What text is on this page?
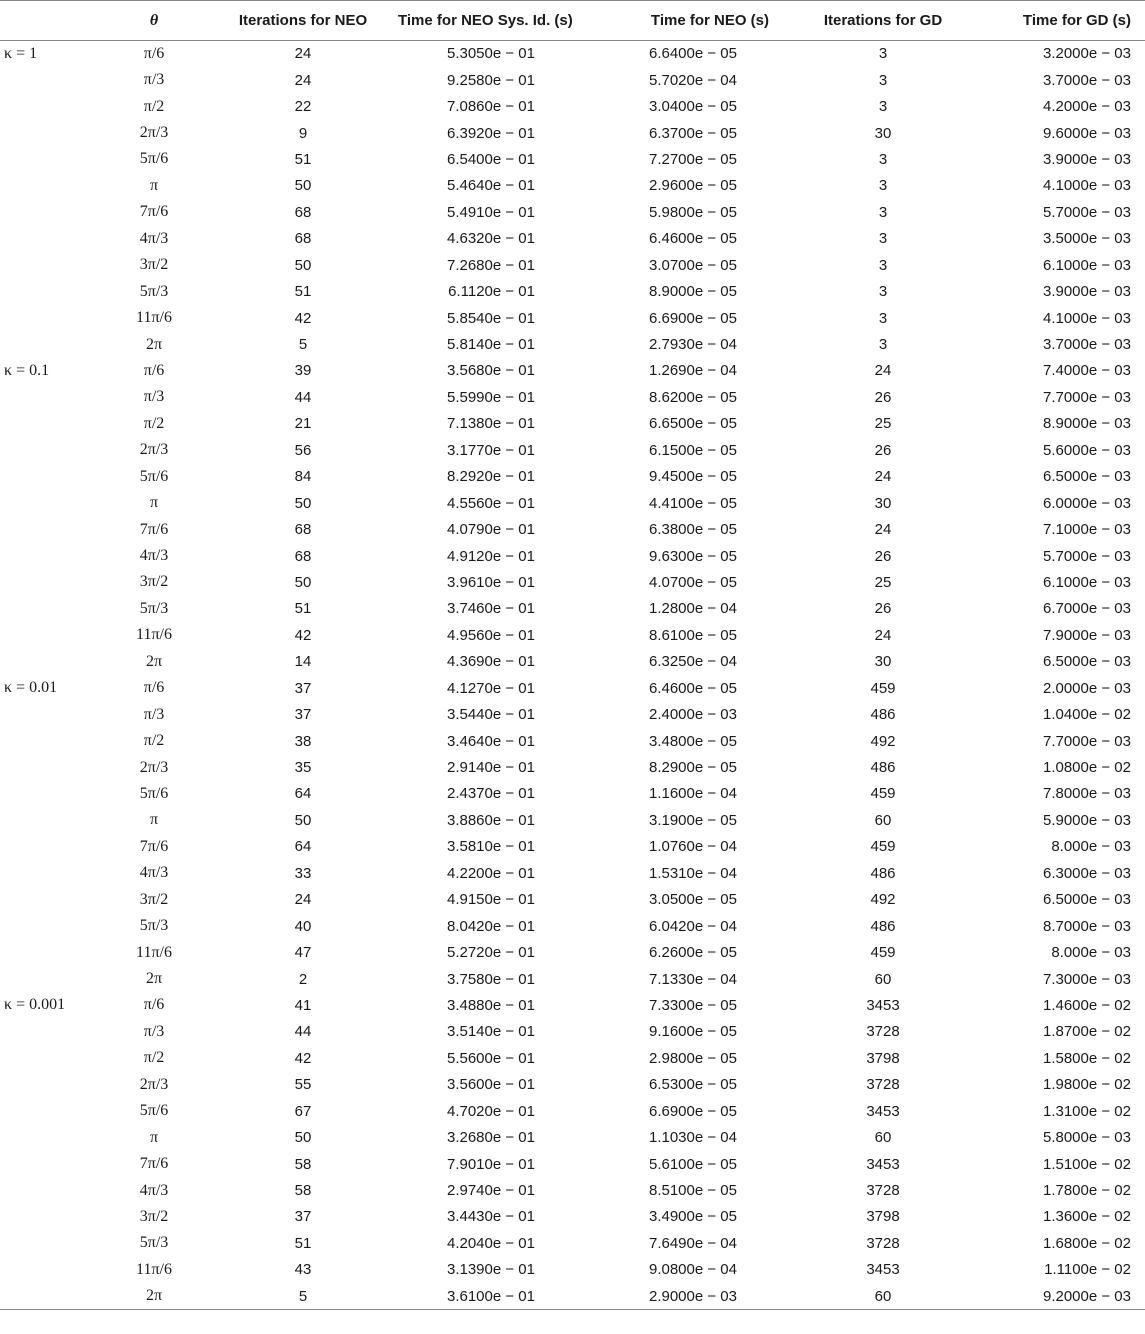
	θ	Iterations for NEO	Time for NEO Sys. Id. (s)	Time for NEO (s)	Iterations for GD	Time for GD (s)
κ = 1	π/6	24	5.3050e − 01	6.6400e − 05	3	3.2000e − 03
	π/3	24	9.2580e − 01	5.7020e − 04	3	3.7000e − 03
	π/2	22	7.0860e − 01	3.0400e − 05	3	4.2000e − 03
	2π/3	9	6.3920e − 01	6.3700e − 05	30	9.6000e − 03
	5π/6	51	6.5400e − 01	7.2700e − 05	3	3.9000e − 03
	π	50	5.4640e − 01	2.9600e − 05	3	4.1000e − 03
	7π/6	68	5.4910e − 01	5.9800e − 05	3	5.7000e − 03
	4π/3	68	4.6320e − 01	6.4600e − 05	3	3.5000e − 03
	3π/2	50	7.2680e − 01	3.0700e − 05	3	6.1000e − 03
	5π/3	51	6.1120e − 01	8.9000e − 05	3	3.9000e − 03
	11π/6	42	5.8540e − 01	6.6900e − 05	3	4.1000e − 03
	2π	5	5.8140e − 01	2.7930e − 04	3	3.7000e − 03
κ = 0.1	π/6	39	3.5680e − 01	1.2690e − 04	24	7.4000e − 03
	π/3	44	5.5990e − 01	8.6200e − 05	26	7.7000e − 03
	π/2	21	7.1380e − 01	6.6500e − 05	25	8.9000e − 03
	2π/3	56	3.1770e − 01	6.1500e − 05	26	5.6000e − 03
	5π/6	84	8.2920e − 01	9.4500e − 05	24	6.5000e − 03
	π	50	4.5560e − 01	4.4100e − 05	30	6.0000e − 03
	7π/6	68	4.0790e − 01	6.3800e − 05	24	7.1000e − 03
	4π/3	68	4.9120e − 01	9.6300e − 05	26	5.7000e − 03
	3π/2	50	3.9610e − 01	4.0700e − 05	25	6.1000e − 03
	5π/3	51	3.7460e − 01	1.2800e − 04	26	6.7000e − 03
	11π/6	42	4.9560e − 01	8.6100e − 05	24	7.9000e − 03
	2π	14	4.3690e − 01	6.3250e − 04	30	6.5000e − 03
κ = 0.01	π/6	37	4.1270e − 01	6.4600e − 05	459	2.0000e − 03
	π/3	37	3.5440e − 01	2.4000e − 03	486	1.0400e − 02
	π/2	38	3.4640e − 01	3.4800e − 05	492	7.7000e − 03
	2π/3	35	2.9140e − 01	8.2900e − 05	486	1.0800e − 02
	5π/6	64	2.4370e − 01	1.1600e − 04	459	7.8000e − 03
	π	50	3.8860e − 01	3.1900e − 05	60	5.9000e − 03
	7π/6	64	3.5810e − 01	1.0760e − 04	459	8.000e − 03
	4π/3	33	4.2200e − 01	1.5310e − 04	486	6.3000e − 03
	3π/2	24	4.9150e − 01	3.0500e − 05	492	6.5000e − 03
	5π/3	40	8.0420e − 01	6.0420e − 04	486	8.7000e − 03
	11π/6	47	5.2720e − 01	6.2600e − 05	459	8.000e − 03
	2π	2	3.7580e − 01	7.1330e − 04	60	7.3000e − 03
κ = 0.001	π/6	41	3.4880e − 01	7.3300e − 05	3453	1.4600e − 02
	π/3	44	3.5140e − 01	9.1600e − 05	3728	1.8700e − 02
	π/2	42	5.5600e − 01	2.9800e − 05	3798	1.5800e − 02
	2π/3	55	3.5600e − 01	6.5300e − 05	3728	1.9800e − 02
	5π/6	67	4.7020e − 01	6.6900e − 05	3453	1.3100e − 02
	π	50	3.2680e − 01	1.1030e − 04	60	5.8000e − 03
	7π/6	58	7.9010e − 01	5.6100e − 05	3453	1.5100e − 02
	4π/3	58	2.9740e − 01	8.5100e − 05	3728	1.7800e − 02
	3π/2	37	3.4430e − 01	3.4900e − 05	3798	1.3600e − 02
	5π/3	51	4.2040e − 01	7.6490e − 04	3728	1.6800e − 02
	11π/6	43	3.1390e − 01	9.0800e − 04	3453	1.1100e − 02
	2π	5	3.6100e − 01	2.9000e − 03	60	9.2000e − 03
